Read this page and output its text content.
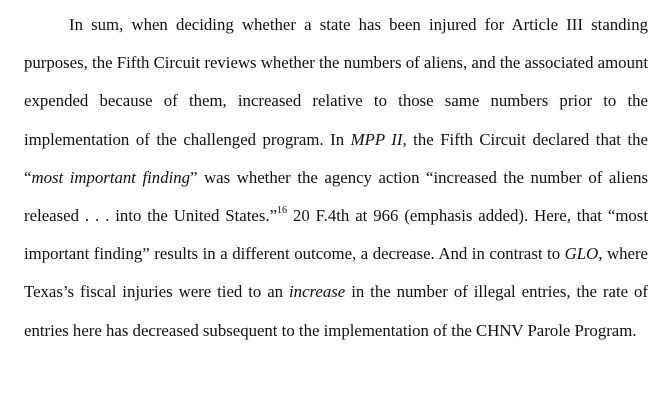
In sum, when deciding whether a state has been injured for Article III standing purposes, the Fifth Circuit reviews whether the numbers of aliens, and the associated amount expended because of them, increased relative to those same numbers prior to the implementation of the challenged program. In MPP II, the Fifth Circuit declared that the “most important finding” was whether the agency action “increased the number of aliens released . . . into the United States.”$^{16}$ 20 F.4th at 966 (emphasis added). Here, that “most important finding” results in a different outcome, a decrease. And in contrast to GLO, where Texas’s fiscal injuries were tied to an increase in the number of illegal entries, the rate of entries here has decreased subsequent to the implementation of the CHNV Parole Program.
